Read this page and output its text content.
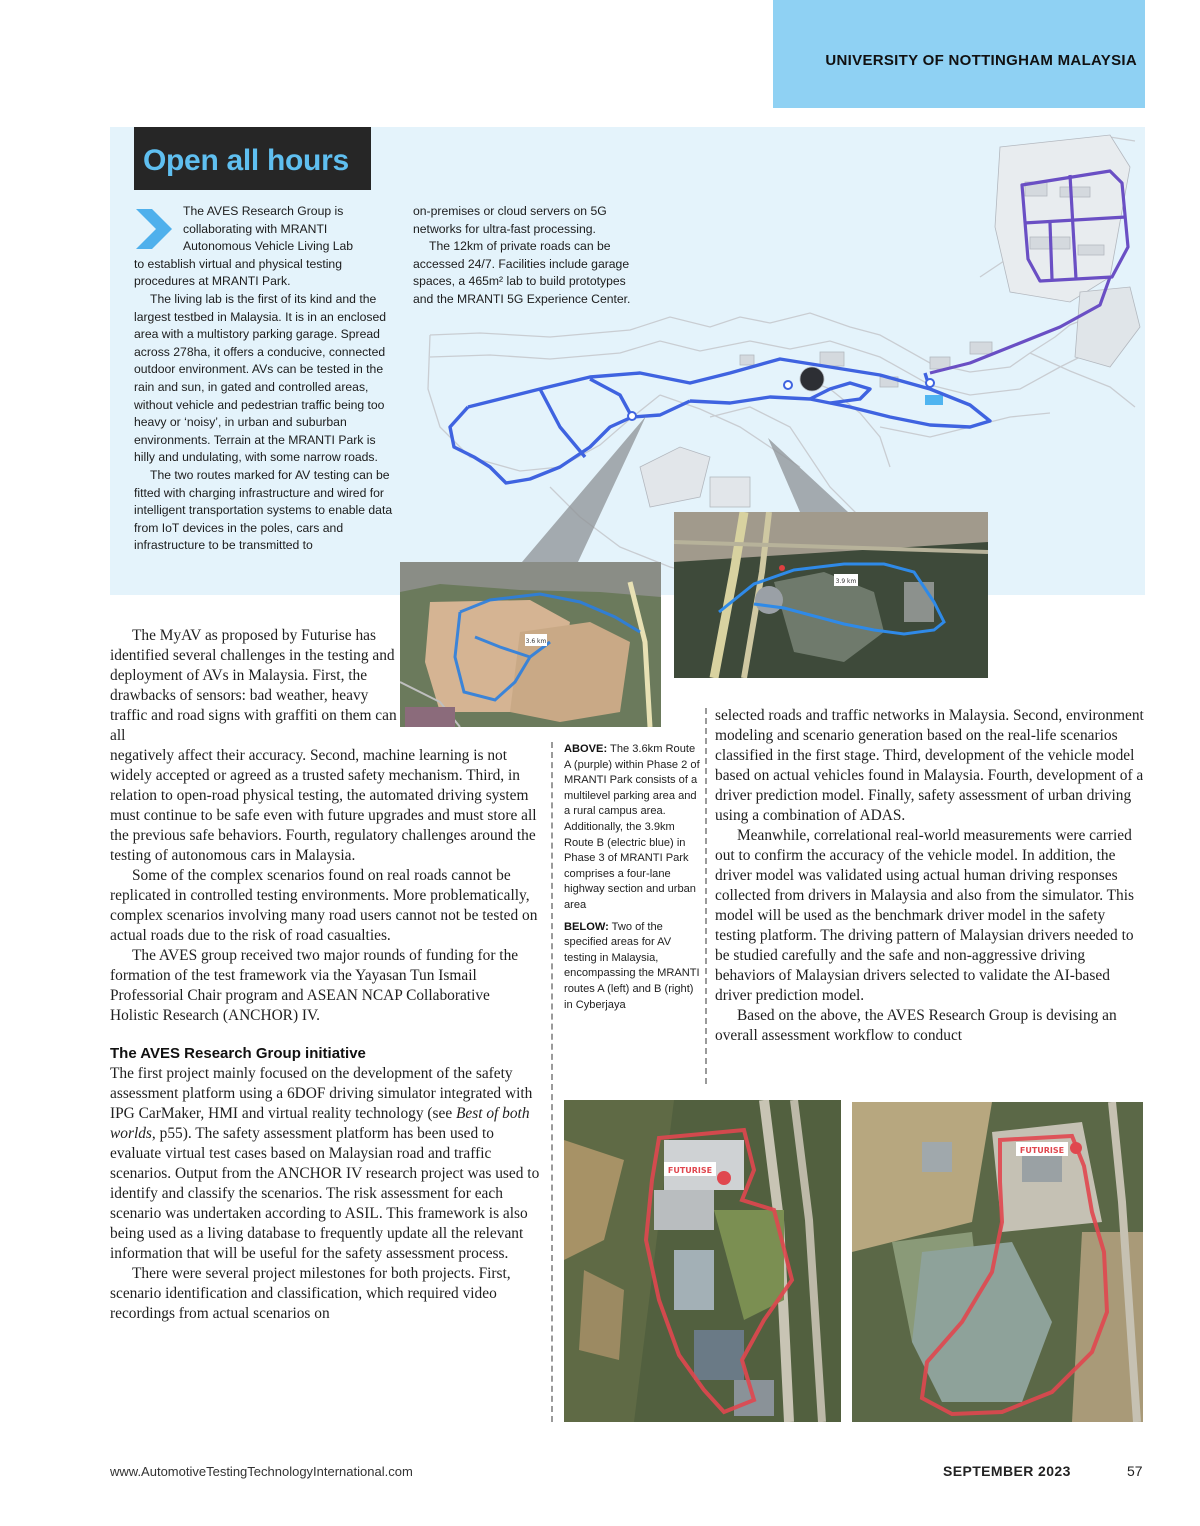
UNIVERSITY OF NOTTINGHAM MALAYSIA
Open all hours

The AVES Research Group is

collaborating with MRANTI

Autonomous Vehicle Living Lab

to establish virtual and physical testing procedures at MRANTI Park.

The living lab is the first of its kind and the largest testbed in Malaysia. It is in an enclosed area with a multistory parking garage. Spread across 278ha, it offers a conducive, connected outdoor environment. AVs can be tested in the rain and sun, in gated and controlled areas, without vehicle and pedestrian traffic being too heavy or ‘noisy’, in urban and suburban environments. Terrain at the MRANTI Park is hilly and undulating, with some narrow roads.

The two routes marked for AV testing can be fitted with charging infrastructure and wired for intelligent transportation systems to enable data from IoT devices in the poles, cars and infrastructure to be transmitted to

on-premises or cloud servers on 5G networks for ultra-fast processing.

The 12km of private roads can be accessed 24/7. Facilities include garage spaces, a 465m² lab to build prototypes and the MRANTI 5G Experience Center.

3.6 km
3.9 km

The MyAV as proposed by Futurise has identified several challenges in the testing and deployment of AVs in Malaysia. First, the drawbacks of sensors: bad weather, heavy traffic and road signs with graffiti on them can all

negatively affect their accuracy. Second, machine learning is not widely accepted or agreed as a trusted safety mechanism. Third, in relation to open-road physical testing, the automated driving system must continue to be safe even with future upgrades and must store all the previous safe behaviors. Fourth, regulatory challenges around the testing of autonomous cars in Malaysia.

Some of the complex scenarios found on real roads cannot be replicated in controlled testing environments. More problematically, complex scenarios involving many road users cannot not be tested on actual roads due to the risk of road casualties.

The AVES group received two major rounds of funding for the formation of the test framework via the Yayasan Tun Ismail Professorial Chair program and ASEAN NCAP Collaborative Holistic Research (ANCHOR) IV.

The AVES Research Group initiative

The first project mainly focused on the development of the safety assessment platform using a 6DOF driving simulator integrated with IPG CarMaker, HMI and virtual reality technology (see Best of both worlds, p55). The safety assessment platform has been used to evaluate virtual test cases based on Malaysian road and traffic scenarios. Output from the ANCHOR IV research project was used to identify and classify the scenarios. The risk assessment for each scenario was undertaken according to ASIL. This framework is also being used as a living database to frequently update all the relevant information that will be useful for the safety assessment process.

There were several project milestones for both projects. First, scenario identification and classification, which required video recordings from actual scenarios on

ABOVE: The 3.6km Route A (purple) within Phase 2 of MRANTI Park consists of a multilevel parking area and a rural campus area. Additionally, the 3.9km Route B (electric blue) in Phase 3 of MRANTI Park comprises a four-lane highway section and urban area

BELOW: Two of the specified areas for AV testing in Malaysia, encompassing the MRANTI routes A (left) and B (right) in Cyberjaya

selected roads and traffic networks in Malaysia. Second, environment modeling and scenario generation based on the real-life scenarios classified in the first stage. Third, development of the vehicle model based on actual vehicles found in Malaysia. Fourth, development of a driver prediction model. Finally, safety assessment of urban driving using a combination of ADAS.

Meanwhile, correlational real-world measurements were carried out to confirm the accuracy of the vehicle model. In addition, the driver model was validated using actual human driving responses collected from drivers in Malaysia and also from the simulator. This model will be used as the benchmark driver model in the safety testing platform. The driving pattern of Malaysian drivers needed to be studied carefully and the safe and non-aggressive driving behaviors of Malaysian drivers selected to validate the AI-based driver prediction model.

Based on the above, the AVES Research Group is devising an overall assessment workflow to conduct

FUTURISE
FUTURISE
www.AutomotiveTestingTechnologyInternational.com	SEPTEMBER 2023	57
